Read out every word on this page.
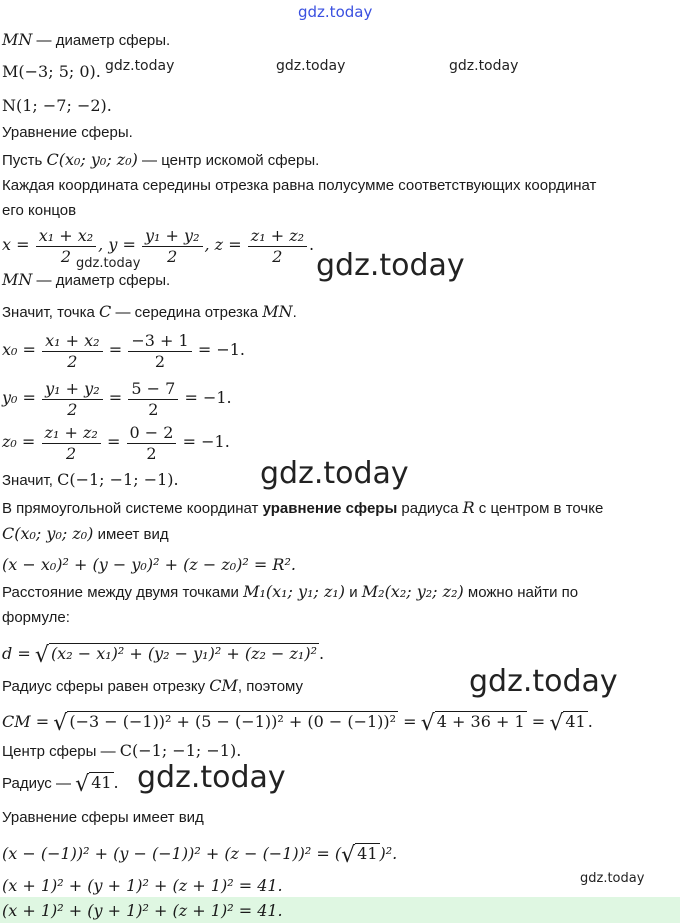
gdz.today
gdz.today	gdz.today	gdz.today
gdz.today	gdz.today
gdz.today
gdz.today
gdz.today
gdz.today
MN — диаметр сферы.
M(−3; 5; 0).
N(1; −7; −2).
Уравнение сферы.
Пусть C(x₀; y₀; z₀) — центр искомой сферы.
Каждая координата середины отрезка равна полусумме соответствующих координат
его концов
$x = \frac{\text{x₁ + x₂}}{2}$ , $y = \frac{\text{y₁ + y₂}}{2}$ , $z = \frac{\text{z₁ + z₂}}{2}$ .
MN — диаметр сферы.
Значит, точка C — середина отрезка MN.
$x_0 = \frac{\text{x₁ + x₂}}{2} = \frac{-3 + 1}{2} = -1$.
$y_0 = \frac{\text{y₁ + y₂}}{2} = \frac{5 - 7}{2} = -1$.
$z_0 = \frac{\text{z₁ + z₂}}{2} = \frac{0 - 2}{2} = -1$.
Значит, C(−1; −1; −1).
В прямоугольной системе координат уравнение сферы радиуса R с центром в точке
C(x₀; y₀; z₀) имеет вид
(x − x₀)² + (y − y₀)² + (z − z₀)² = R².
Расстояние между двумя точками M₁(x₁; y₁; z₁) и M₂(x₂; y₂; z₂) можно найти по
формуле:
d = √ (x₂ − x₁)² + (y₂ − y₁)² + (z₂ − z₁)² .
Радиус сферы равен отрезку CM, поэтому
CM = √ (−3 − (−1))² + (5 − (−1))² + (0 − (−1))² = √ 4 + 36 + 1 = √ 41 .
Центр сферы — C(−1; −1; −1).
Радиус — √ 41 .
Уравнение сферы имеет вид
(x − (−1))² + (y − (−1))² + (z − (−1))² = (√ 41 )².
(x + 1)² + (y + 1)² + (z + 1)² = 41.
(x + 1)² + (y + 1)² + (z + 1)² = 41.
